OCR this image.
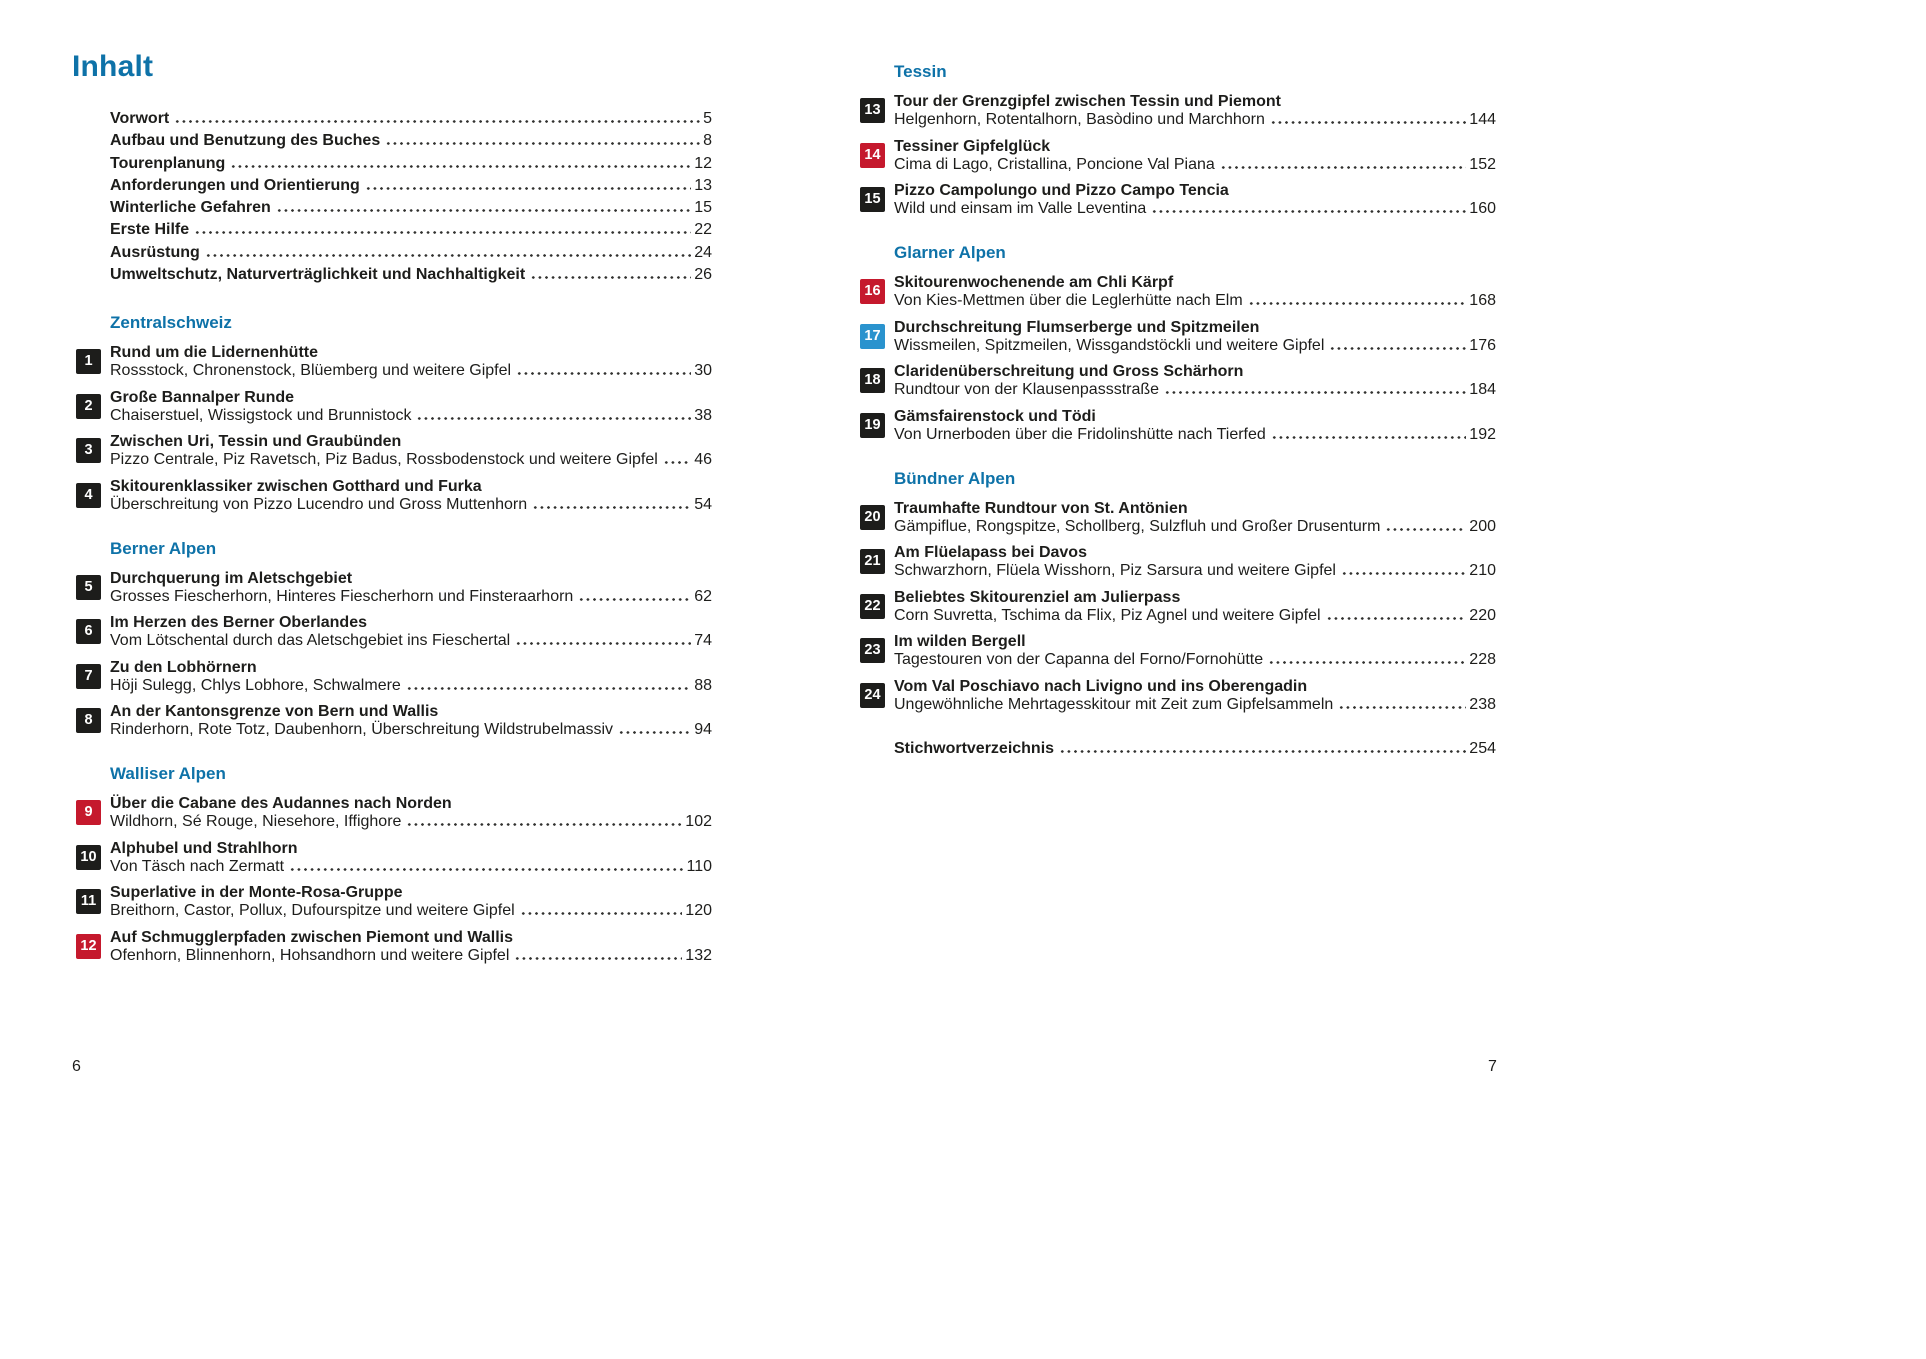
Inhalt
Vorwort	5
Aufbau und Benutzung des Buches	8
Tourenplanung	12
Anforderungen und Orientierung	13
Winterliche Gefahren	15
Erste Hilfe	22
Ausrüstung	24
Umweltschutz, Naturverträglichkeit und Nachhaltigkeit	26
Zentralschweiz
1	Rund um die Lidernenhütte
Rossstock, Chronenstock, Blüemberg und weitere Gipfel	30
2	Große Bannalper Runde
Chaiserstuel, Wissigstock und Brunnistock	38
3	Zwischen Uri, Tessin und Graubünden
Pizzo Centrale, Piz Ravetsch, Piz Badus, Rossbodenstock und weitere Gipfel 46
4	Skitourenklassiker zwischen Gotthard und Furka
Überschreitung von Pizzo Lucendro und Gross Muttenhorn	54
Berner Alpen
5	Durchquerung im Aletschgebiet
Grosses Fiescherhorn, Hinteres Fiescherhorn und Finsteraarhorn	62
6	Im Herzen des Berner Oberlandes
Vom Lötschental durch das Aletschgebiet ins Fieschertal	74
7	Zu den Lobhörnern
Höji Sulegg, Chlys Lobhore, Schwalmere	88
8	An der Kantonsgrenze von Bern und Wallis
Rinderhorn, Rote Totz, Daubenhorn, Überschreitung Wildstrubelmassiv	94
Walliser Alpen
9	Über die Cabane des Audannes nach Norden
Wildhorn, Sé Rouge, Niesehore, Iffighore	102
10 Alphubel und Strahlhorn
Von Täsch nach Zermatt	110
11 Superlative in der Monte-Rosa-Gruppe
Breithorn, Castor, Pollux, Dufourspitze und weitere Gipfel	120
12 Auf Schmugglerpfaden zwischen Piemont und Wallis
Ofenhorn, Blinnenhorn, Hohsandhorn und weitere Gipfel	132
Tessin
13 Tour der Grenzgipfel zwischen Tessin und Piemont
Helgenhorn, Rotentalhorn, Basòdino und Marchhorn	144
14 Tessiner Gipfelglück
Cima di Lago, Cristallina, Poncione Val Piana	152
15 Pizzo Campolungo und Pizzo Campo Tencia
Wild und einsam im Valle Leventina	160
Glarner Alpen
16 Skitourenwochenende am Chli Kärpf
Von Kies-Mettmen über die Leglerhütte nach Elm	168
17 Durchschreitung Flumserberge und Spitzmeilen
Wissmeilen, Spitzmeilen, Wissgandstöckli und weitere Gipfel	176
18 Claridenüberschreitung und Gross Schärhorn
Rundtour von der Klausenpassstraße	184
19 Gämsfairenstock und Tödi
Von Urnerboden über die Fridolinshütte nach Tierfed	192
Bündner Alpen
20 Traumhafte Rundtour von St. Antönien
Gämpiflue, Rongspitze, Schollberg, Sulzfluh und Großer Drusenturm	200
21 Am Flüelapass bei Davos
Schwarzhorn, Flüela Wisshorn, Piz Sarsura und weitere Gipfel	210
22 Beliebtes Skitourenziel am Julierpass
Corn Suvretta, Tschima da Flix, Piz Agnel und weitere Gipfel	220
23 Im wilden Bergell
Tagestouren von der Capanna del Forno/Fornohütte	228
24 Vom Val Poschiavo nach Livigno und ins Oberengadin
Ungewöhnliche Mehrtagesskitour mit Zeit zum Gipfelsammeln	238
Stichwortverzeichnis	254
6	7
